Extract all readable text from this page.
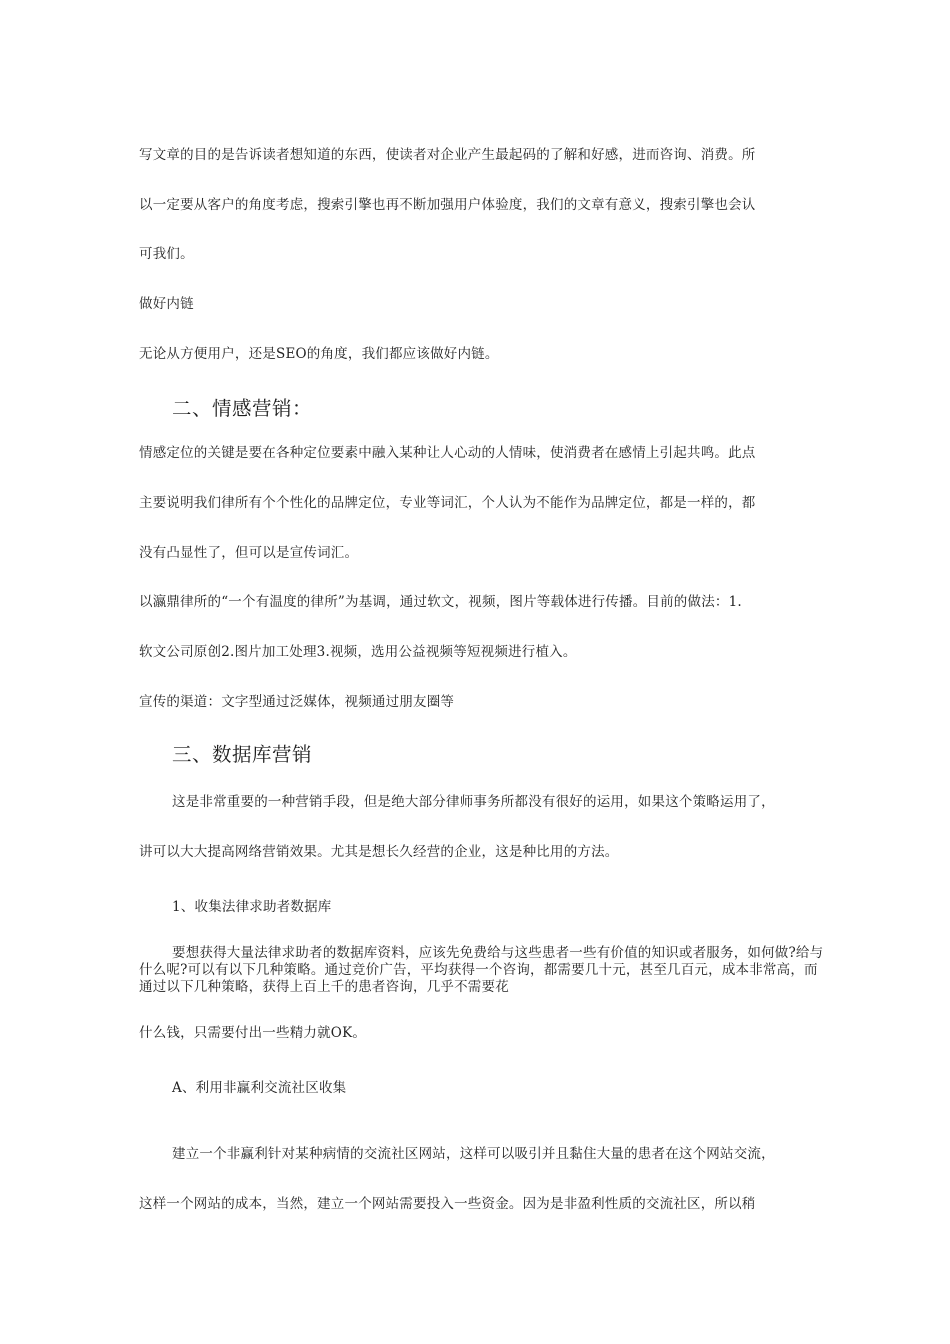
写文章的目的是告诉读者想知道的东西，使读者对企业产生最起码的了解和好感，进而咨询、消费。所
以一定要从客户的角度考虑，搜索引擎也再不断加强用户体验度，我们的文章有意义，搜索引擎也会认
可我们。
做好内链
无论从方便用户，还是SEO的角度，我们都应该做好内链。
二、情感营销：
情感定位的关键是要在各种定位要素中融入某种让人心动的人情味，使消费者在感情上引起共鸣。此点
主要说明我们律所有个个性化的品牌定位，专业等词汇，个人认为不能作为品牌定位，都是一样的，都
没有凸显性了，但可以是宣传词汇。
以瀛鼎律所的“一个有温度的律所”为基调，通过软文，视频，图片等载体进行传播。目前的做法：1.
软文公司原创2.图片加工处理3.视频，选用公益视频等短视频进行植入。
宣传的渠道：文字型通过泛媒体，视频通过朋友圈等
三、数据库营销
这是非常重要的一种营销手段，但是绝大部分律师事务所都没有很好的运用，如果这个策略运用了，
讲可以大大提高网络营销效果。尤其是想长久经营的企业，这是种比用的方法。
1、收集法律求助者数据库
要想获得大量法律求助者的数据库资料，应该先免费给与这些患者一些有价值的知识或者服务，如何做?给与什么呢?可以有以下几种策略。通过竞价广告，平均获得一个咨询，都需要几十元，甚至几百元，成本非常高，而通过以下几种策略，获得上百上千的患者咨询，几乎不需要花
什么钱，只需要付出一些精力就OK。
A、利用非赢利交流社区收集
建立一个非赢利针对某种病情的交流社区网站，这样可以吸引并且黏住大量的患者在这个网站交流，
这样一个网站的成本，当然，建立一个网站需要投入一些资金。因为是非盈利性质的交流社区，所以稍
